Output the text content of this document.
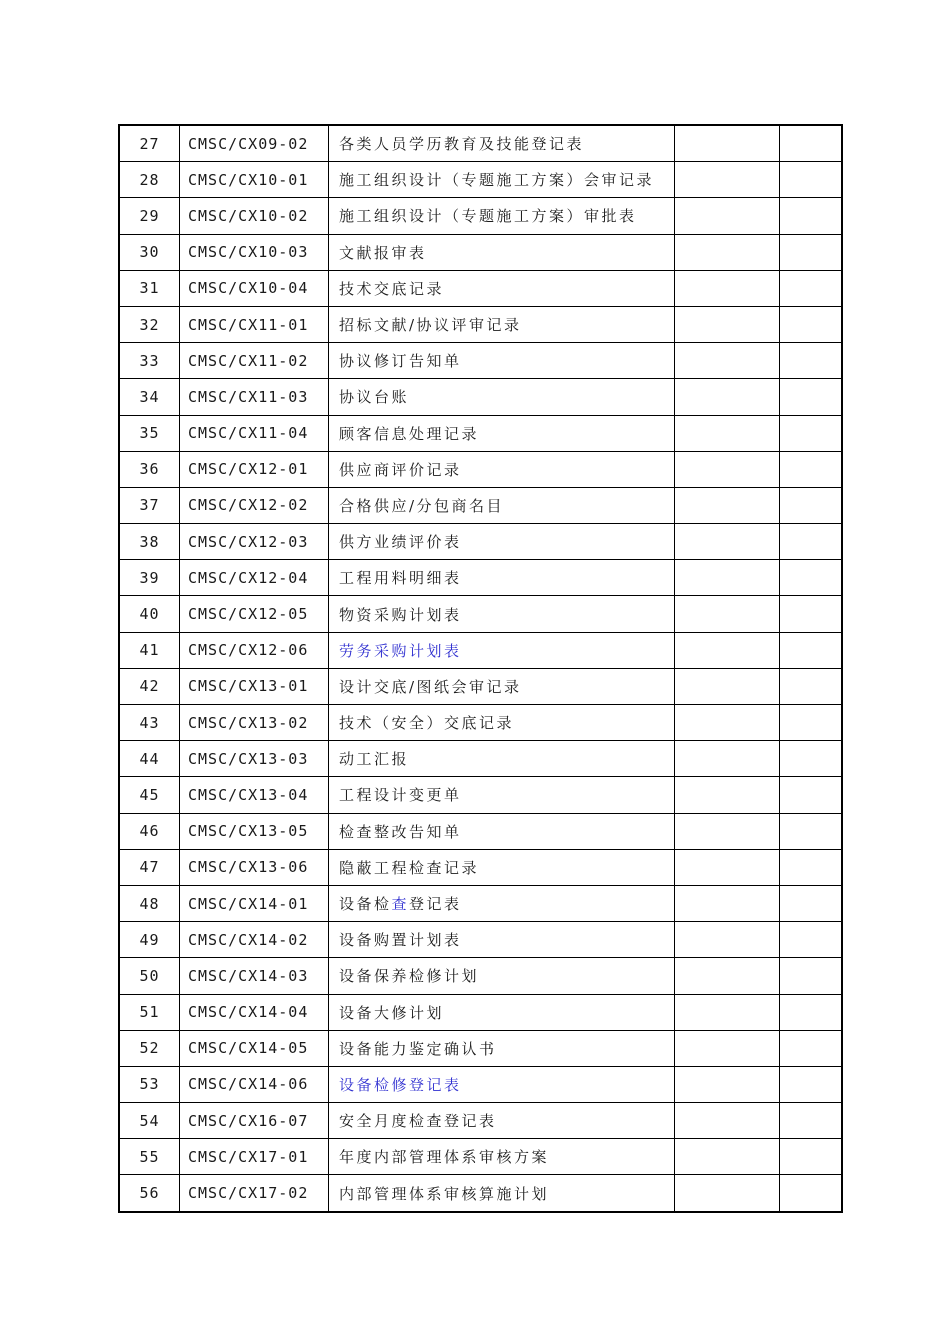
27	CMSC/CX09-02	各类人员学历教育及技能登记表		
28	CMSC/CX10-01	施工组织设计（专题施工方案）会审记录		
29	CMSC/CX10-02	施工组织设计（专题施工方案）审批表		
30	CMSC/CX10-03	文献报审表		
31	CMSC/CX10-04	技术交底记录		
32	CMSC/CX11-01	招标文献/协议评审记录		
33	CMSC/CX11-02	协议修订告知单		
34	CMSC/CX11-03	协议台账		
35	CMSC/CX11-04	顾客信息处理记录		
36	CMSC/CX12-01	供应商评价记录		
37	CMSC/CX12-02	合格供应/分包商名目		
38	CMSC/CX12-03	供方业绩评价表		
39	CMSC/CX12-04	工程用料明细表		
40	CMSC/CX12-05	物资采购计划表		
41	CMSC/CX12-06	劳务采购计划表		
42	CMSC/CX13-01	设计交底/图纸会审记录		
43	CMSC/CX13-02	技术（安全）交底记录		
44	CMSC/CX13-03	动工汇报		
45	CMSC/CX13-04	工程设计变更单		
46	CMSC/CX13-05	检查整改告知单		
47	CMSC/CX13-06	隐蔽工程检查记录		
48	CMSC/CX14-01	设备检查登记表		
49	CMSC/CX14-02	设备购置计划表		
50	CMSC/CX14-03	设备保养检修计划		
51	CMSC/CX14-04	设备大修计划		
52	CMSC/CX14-05	设备能力鉴定确认书		
53	CMSC/CX14-06	设备检修登记表		
54	CMSC/CX16-07	安全月度检查登记表		
55	CMSC/CX17-01	年度内部管理体系审核方案		
56	CMSC/CX17-02	内部管理体系审核算施计划		
